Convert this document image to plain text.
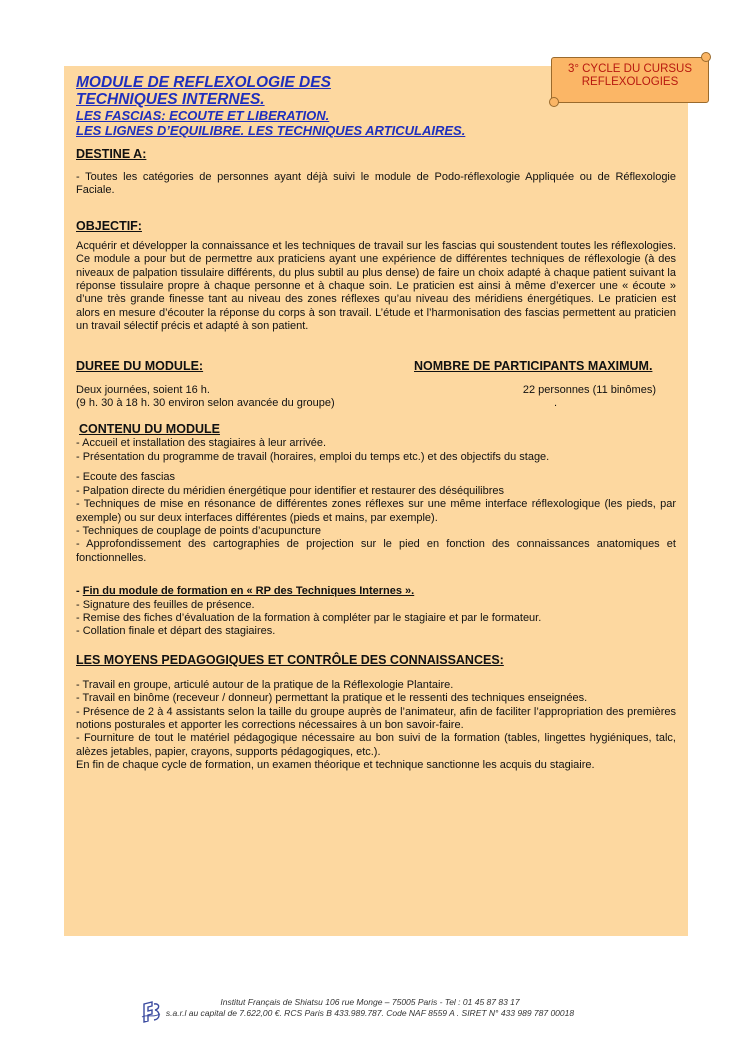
3° CYCLE DU CURSUS
REFLEXOLOGIES
MODULE DE REFLEXOLOGIE DES
TECHNIQUES INTERNES.
LES FASCIAS: ECOUTE ET LIBERATION.
LES LIGNES D’EQUILIBRE. LES TECHNIQUES ARTICULAIRES.
DESTINE A:
- Toutes les catégories de personnes ayant déjà suivi le module de Podo-réflexologie Appliquée ou de Réflexologie Faciale.
OBJECTIF:
Acquérir et développer la connaissance et les techniques de travail sur les fascias qui soustendent toutes les réflexologies. Ce module a pour but de permettre aux praticiens ayant une expérience de différentes techniques de réflexologie (à des niveaux de palpation tissulaire différents, du plus subtil au plus dense) de faire un choix adapté à chaque patient suivant la réponse tissulaire propre à chaque personne et à chaque soin. Le praticien est ainsi à même d’exercer une « écoute » d’une très grande finesse tant au niveau des zones réflexes qu’au niveau des méridiens énergétiques. Le praticien est alors en mesure d’écouter la réponse du corps à son travail. L’étude et l’harmonisation des fascias permettent au praticien un travail sélectif précis et adapté à son patient.
DUREE DU MODULE:
Deux journées, soient 16 h.
(9 h. 30 à 18 h. 30 environ selon avancée du groupe)
NOMBRE DE PARTICIPANTS MAXIMUM.
22 personnes (11 binômes)
.
CONTENU DU MODULE
- Accueil et installation des stagiaires à leur arrivée.
- Présentation du programme de travail (horaires, emploi du temps etc.) et des objectifs du stage.
- Ecoute des fascias
- Palpation directe du méridien énergétique pour identifier et restaurer des déséquilibres
- Techniques de mise en résonance de différentes zones réflexes sur une même interface réflexologique (les pieds, par exemple) ou sur deux interfaces différentes (pieds et mains, par exemple).
- Techniques de couplage de points d’acupuncture
- Approfondissement des cartographies de projection sur le pied en fonction des connaissances anatomiques et fonctionnelles.
- Fin du module de formation en « RP des Techniques Internes ».
- Signature des feuilles de présence.
- Remise des fiches d’évaluation de la formation à compléter par le stagiaire et par le formateur.
- Collation finale et départ des stagiaires.
LES MOYENS PEDAGOGIQUES ET CONTRÔLE DES CONNAISSANCES:
- Travail en groupe, articulé autour de la pratique de la Réflexologie Plantaire.
- Travail en binôme (receveur / donneur) permettant la pratique et le ressenti des techniques enseignées.
- Présence de 2 à 4 assistants selon la taille du groupe auprès de l’animateur, afin de faciliter l’appropriation des premières notions posturales et apporter les corrections nécessaires à un bon savoir-faire.
- Fourniture de tout le matériel pédagogique nécessaire au bon suivi de la formation (tables, lingettes hygiéniques, talc, alèzes jetables, papier, crayons, supports pédagogiques, etc.).
En fin de chaque cycle de formation, un examen théorique et technique sanctionne les acquis du stagiaire.
Institut Français de Shiatsu 106 rue Monge – 75005 Paris - Tel : 01 45 87 83 17
s.a.r.l au capital de 7.622,00 €. RCS Paris B 433.989.787. Code NAF 8559 A . SIRET N° 433 989 787 00018
